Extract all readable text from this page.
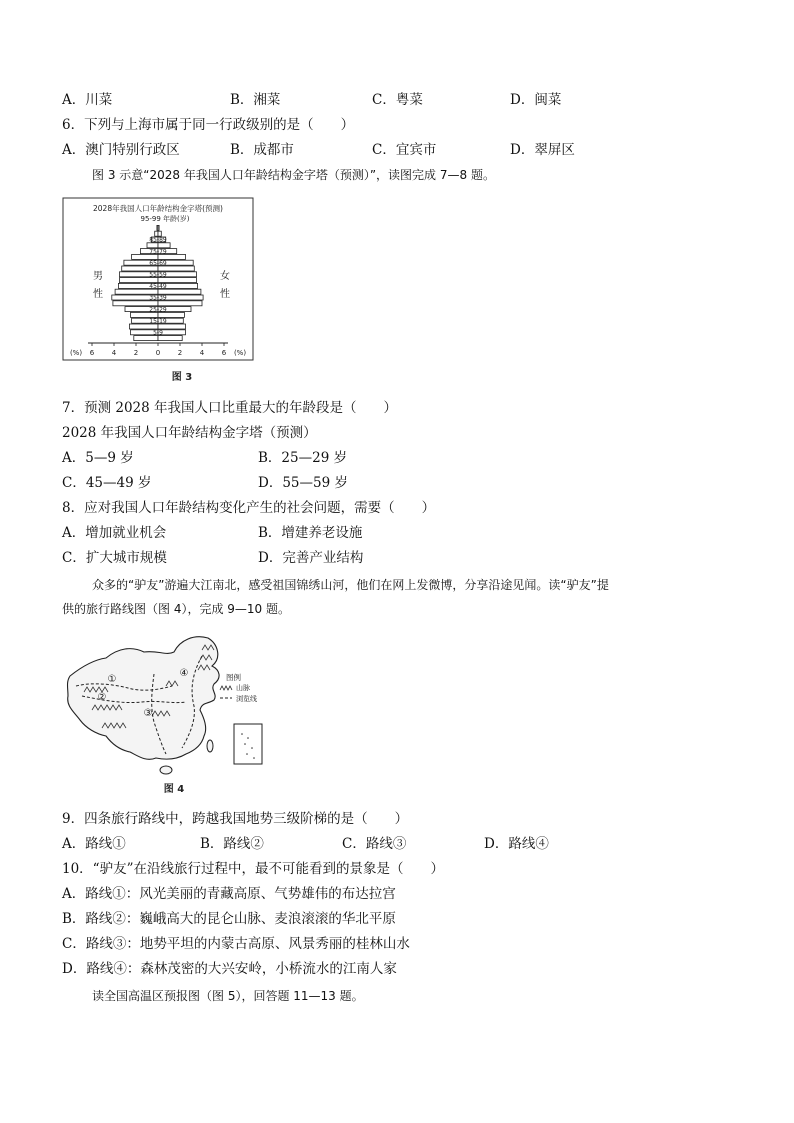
A．川菜	B．湘菜	C．粤菜	D．闽菜
6．下列与上海市属于同一行政级别的是（　　）
A．澳门特别行政区	B．成都市	C．宜宾市	D．翠屏区
图 3 示意“2028 年我国人口年龄结构金字塔（预测）”，读图完成 7—8 题。
2028年我国人口年龄结构金字塔(预测)
95-99 年龄(岁)
男
性
女
性
85-89
75-79
65-69
55-59
45-49
35-39
25-29
15-19
5-9
(%)	(%)
6	4	2	0	2	4	6
图 3
7．预测 2028 年我国人口比重最大的年龄段是（　　）
2028 年我国人口年龄结构金字塔（预测）
A．5—9 岁	B．25—29 岁
C．45—49 岁	D．55—59 岁
8．应对我国人口年龄结构变化产生的社会问题，需要（　　）
A．增加就业机会	B．增建养老设施
C．扩大城市规模	D．完善产业结构
众多的“驴友”游遍大江南北，感受祖国锦绣山河，他们在网上发微博，分享沿途见闻。读“驴友”提
供的旅行路线图（图 4），完成 9—10 题。
①
②
③
④	图例
山脉
浏览线
图 4
9．四条旅行路线中，跨越我国地势三级阶梯的是（　　）
A．路线①	B．路线②	C．路线③	D．路线④
10．“驴友”在沿线旅行过程中，最不可能看到的景象是（　　）
A．路线①：风光美丽的青藏高原、气势雄伟的布达拉宫
B．路线②：巍峨高大的昆仑山脉、麦浪滚滚的华北平原
C．路线③：地势平坦的内蒙古高原、风景秀丽的桂林山水
D．路线④：森林茂密的大兴安岭，小桥流水的江南人家
读全国高温区预报图（图 5），回答题 11—13 题。
